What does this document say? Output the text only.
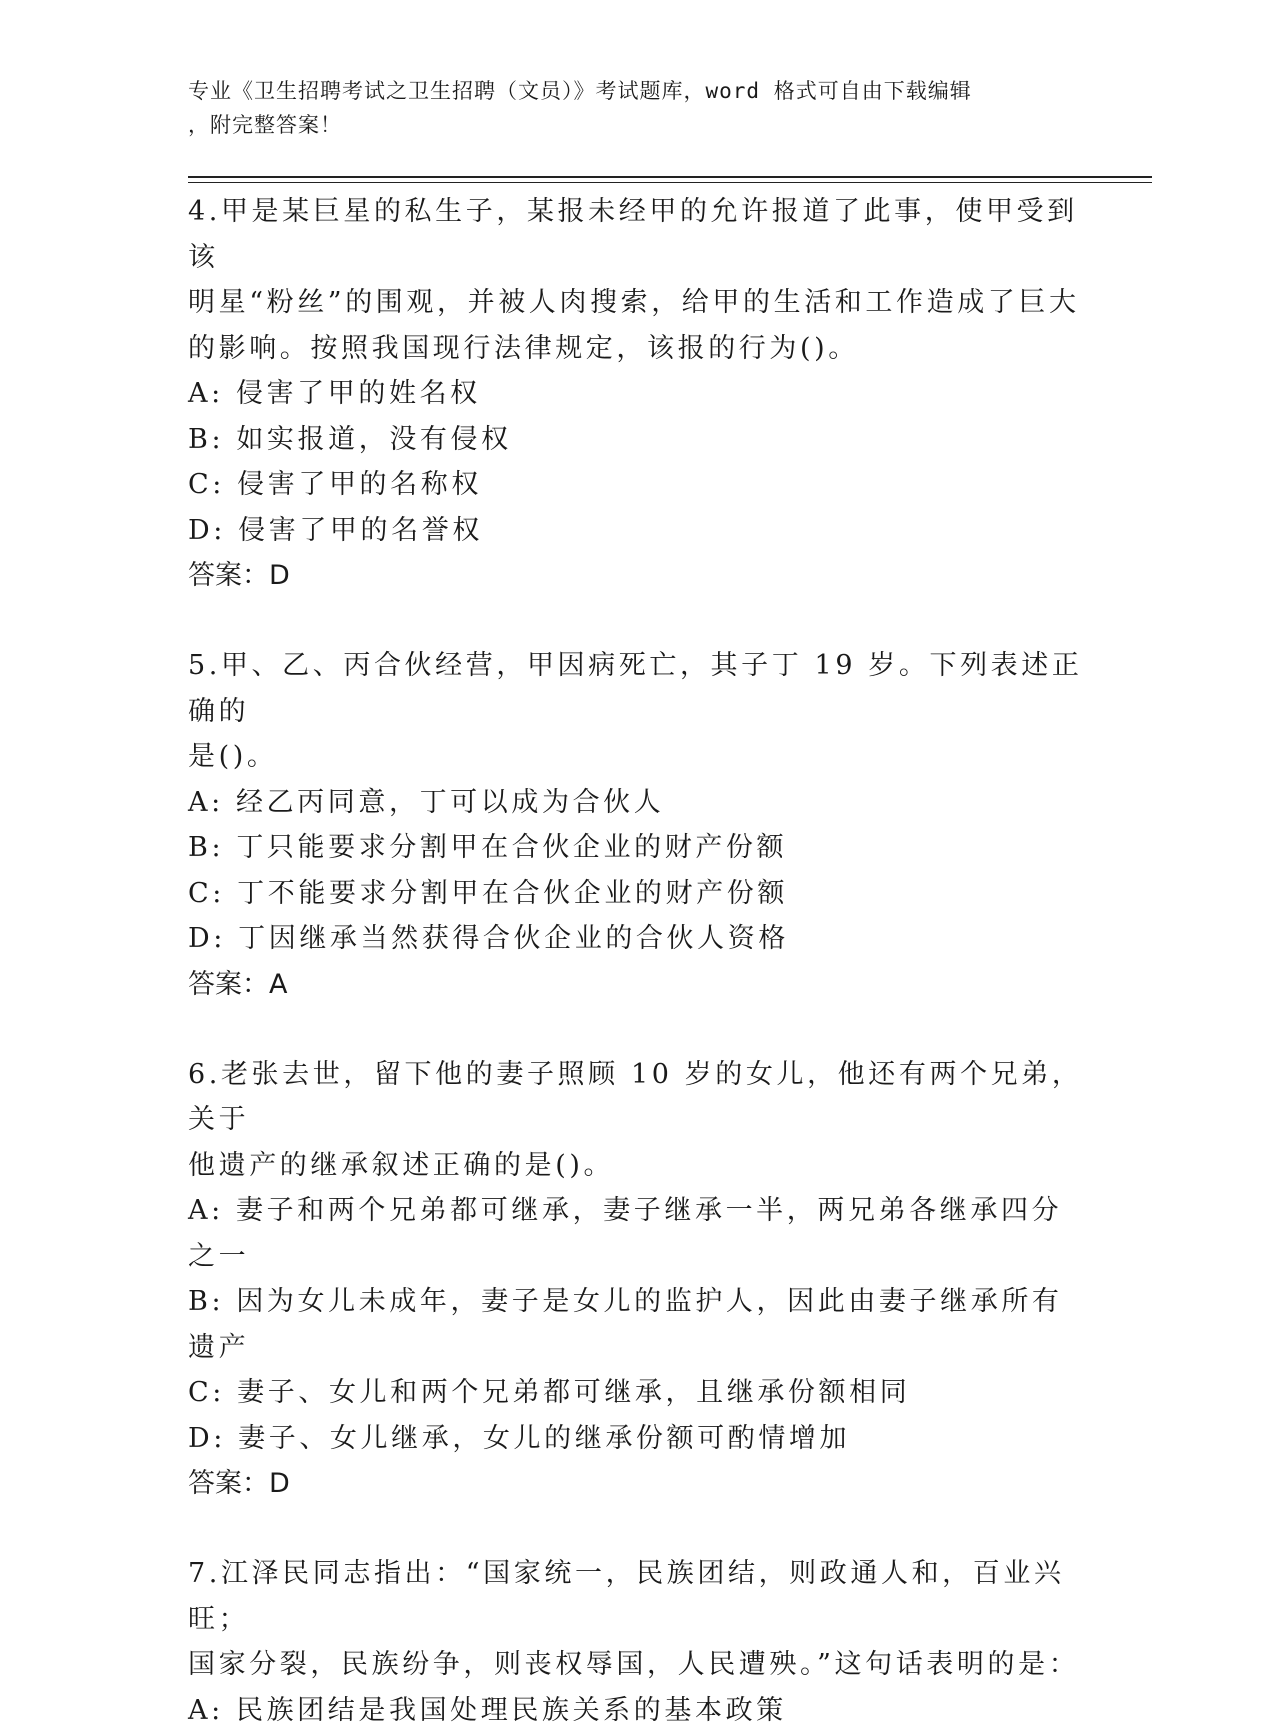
专业《卫生招聘考试之卫生招聘（文员）》考试题库，word 格式可自由下载编辑
，附完整答案！

4.甲是某巨星的私生子，某报未经甲的允许报道了此事，使甲受到该

明星“粉丝”的围观，并被人肉搜索，给甲的生活和工作造成了巨大

的影响。按照我国现行法律规定，该报的行为()。

A: 侵害了甲的姓名权

B: 如实报道，没有侵权

C: 侵害了甲的名称权

D: 侵害了甲的名誉权

答案：D

5.甲、乙、丙合伙经营，甲因病死亡，其子丁 19 岁。下列表述正确的

是()。

A: 经乙丙同意，丁可以成为合伙人

B: 丁只能要求分割甲在合伙企业的财产份额

C: 丁不能要求分割甲在合伙企业的财产份额

D: 丁因继承当然获得合伙企业的合伙人资格

答案：A

6.老张去世，留下他的妻子照顾 10 岁的女儿，他还有两个兄弟，关于

他遗产的继承叙述正确的是()。

A: 妻子和两个兄弟都可继承，妻子继承一半，两兄弟各继承四分之一

B: 因为女儿未成年，妻子是女儿的监护人，因此由妻子继承所有遗产

C: 妻子、女儿和两个兄弟都可继承，且继承份额相同

D: 妻子、女儿继承，女儿的继承份额可酌情增加

答案：D

7.江泽民同志指出：“国家统一，民族团结，则政通人和，百业兴旺；

国家分裂，民族纷争，则丧权辱国，人民遭殃。”这句话表明的是：

A: 民族团结是我国处理民族关系的基本政策
